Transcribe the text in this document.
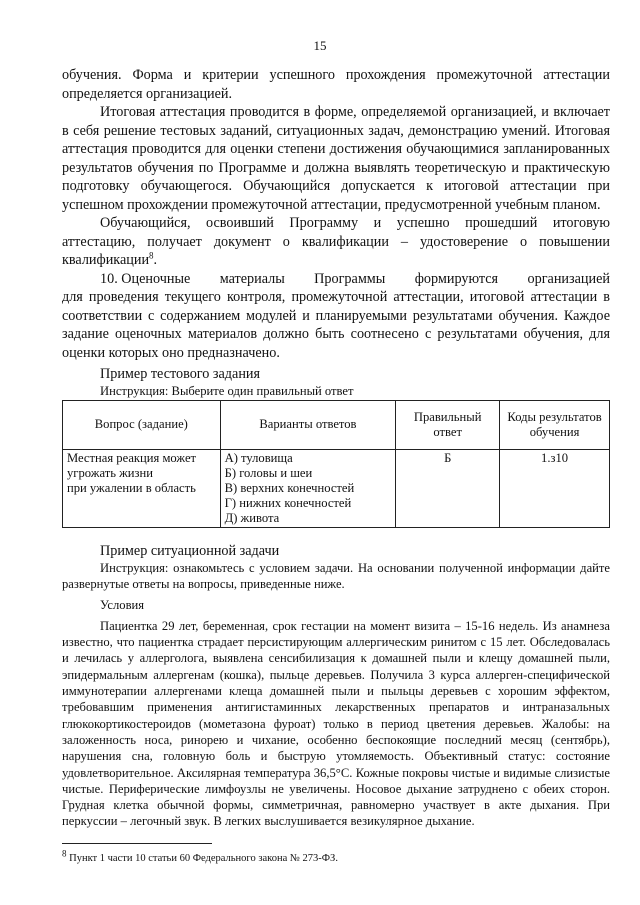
15

обучения. Форма и критерии успешного прохождения промежуточной аттестации определяется организацией.

Итоговая аттестация проводится в форме, определяемой организацией, и включает в себя решение тестовых заданий, ситуационных задач, демонстрацию умений. Итоговая аттестация проводится для оценки степени достижения обучающимися запланированных результатов обучения по Программе и должна выявлять теоретическую и практическую подготовку обучающегося. Обучающийся допускается к итоговой аттестации при успешном прохождении промежуточной аттестации, предусмотренной учебным планом.

Обучающийся, освоивший Программу и успешно прошедший итоговую аттестацию, получает документ о квалификации – удостоверение о повышении квалификации$^8$.

10. Оценочные материалы Программы формируются организацией

для проведения текущего контроля, промежуточной аттестации, итоговой аттестации в соответствии с содержанием модулей и планируемыми результатами обучения. Каждое задание оценочных материалов должно быть соотнесено с результатами обучения, для оценки которых оно предназначено.

Пример тестового задания

Инструкция: Выберите один правильный ответ
Вопрос (задание)	Варианты ответов	Правильный ответ	Коды результатов обучения

Местная реакция может
угрожать жизни
при ужалении в область	А) туловища
Б) головы и шеи
В) верхних конечностей
Г) нижних конечностей
Д) живота	Б	1.з10

Пример ситуационной задачи

Инструкция: ознакомьтесь с условием задачи. На основании полученной информации дайте развернутые ответы на вопросы, приведенные ниже.

Условия

Пациентка 29 лет, беременная, срок гестации на момент визита – 15-16 недель. Из анамнеза известно, что пациентка страдает персистирующим аллергическим ринитом с 15 лет. Обследовалась и лечилась у аллерголога, выявлена сенсибилизация к домашней пыли и клещу домашней пыли, эпидермальным аллергенам (кошка), пыльце деревьев. Получила 3 курса аллерген-специфической иммунотерапии аллергенами клеща домашней пыли и пыльцы деревьев с хорошим эффектом, требовавшим применения антигистаминных лекарственных препаратов и интраназальных глюкокортикостероидов (мометазона фуроат) только в период цветения деревьев. Жалобы: на заложенность носа, ринорею и чихание, особенно беспокоящие последний месяц (сентябрь), нарушения сна, головную боль и быструю утомляемость. Объективный статус: состояние удовлетворительное. Аксилярная температура 36,5°С. Кожные покровы чистые и видимые слизистые чистые. Периферические лимфоузлы не увеличены. Носовое дыхание затруднено с обеих сторон. Грудная клетка обычной формы, симметричная, равномерно участвует в акте дыхания. При перкуссии – легочный звук. В легких выслушивается везикулярное дыхание.

8 Пункт 1 части 10 статьи 60 Федерального закона № 273-ФЗ.
